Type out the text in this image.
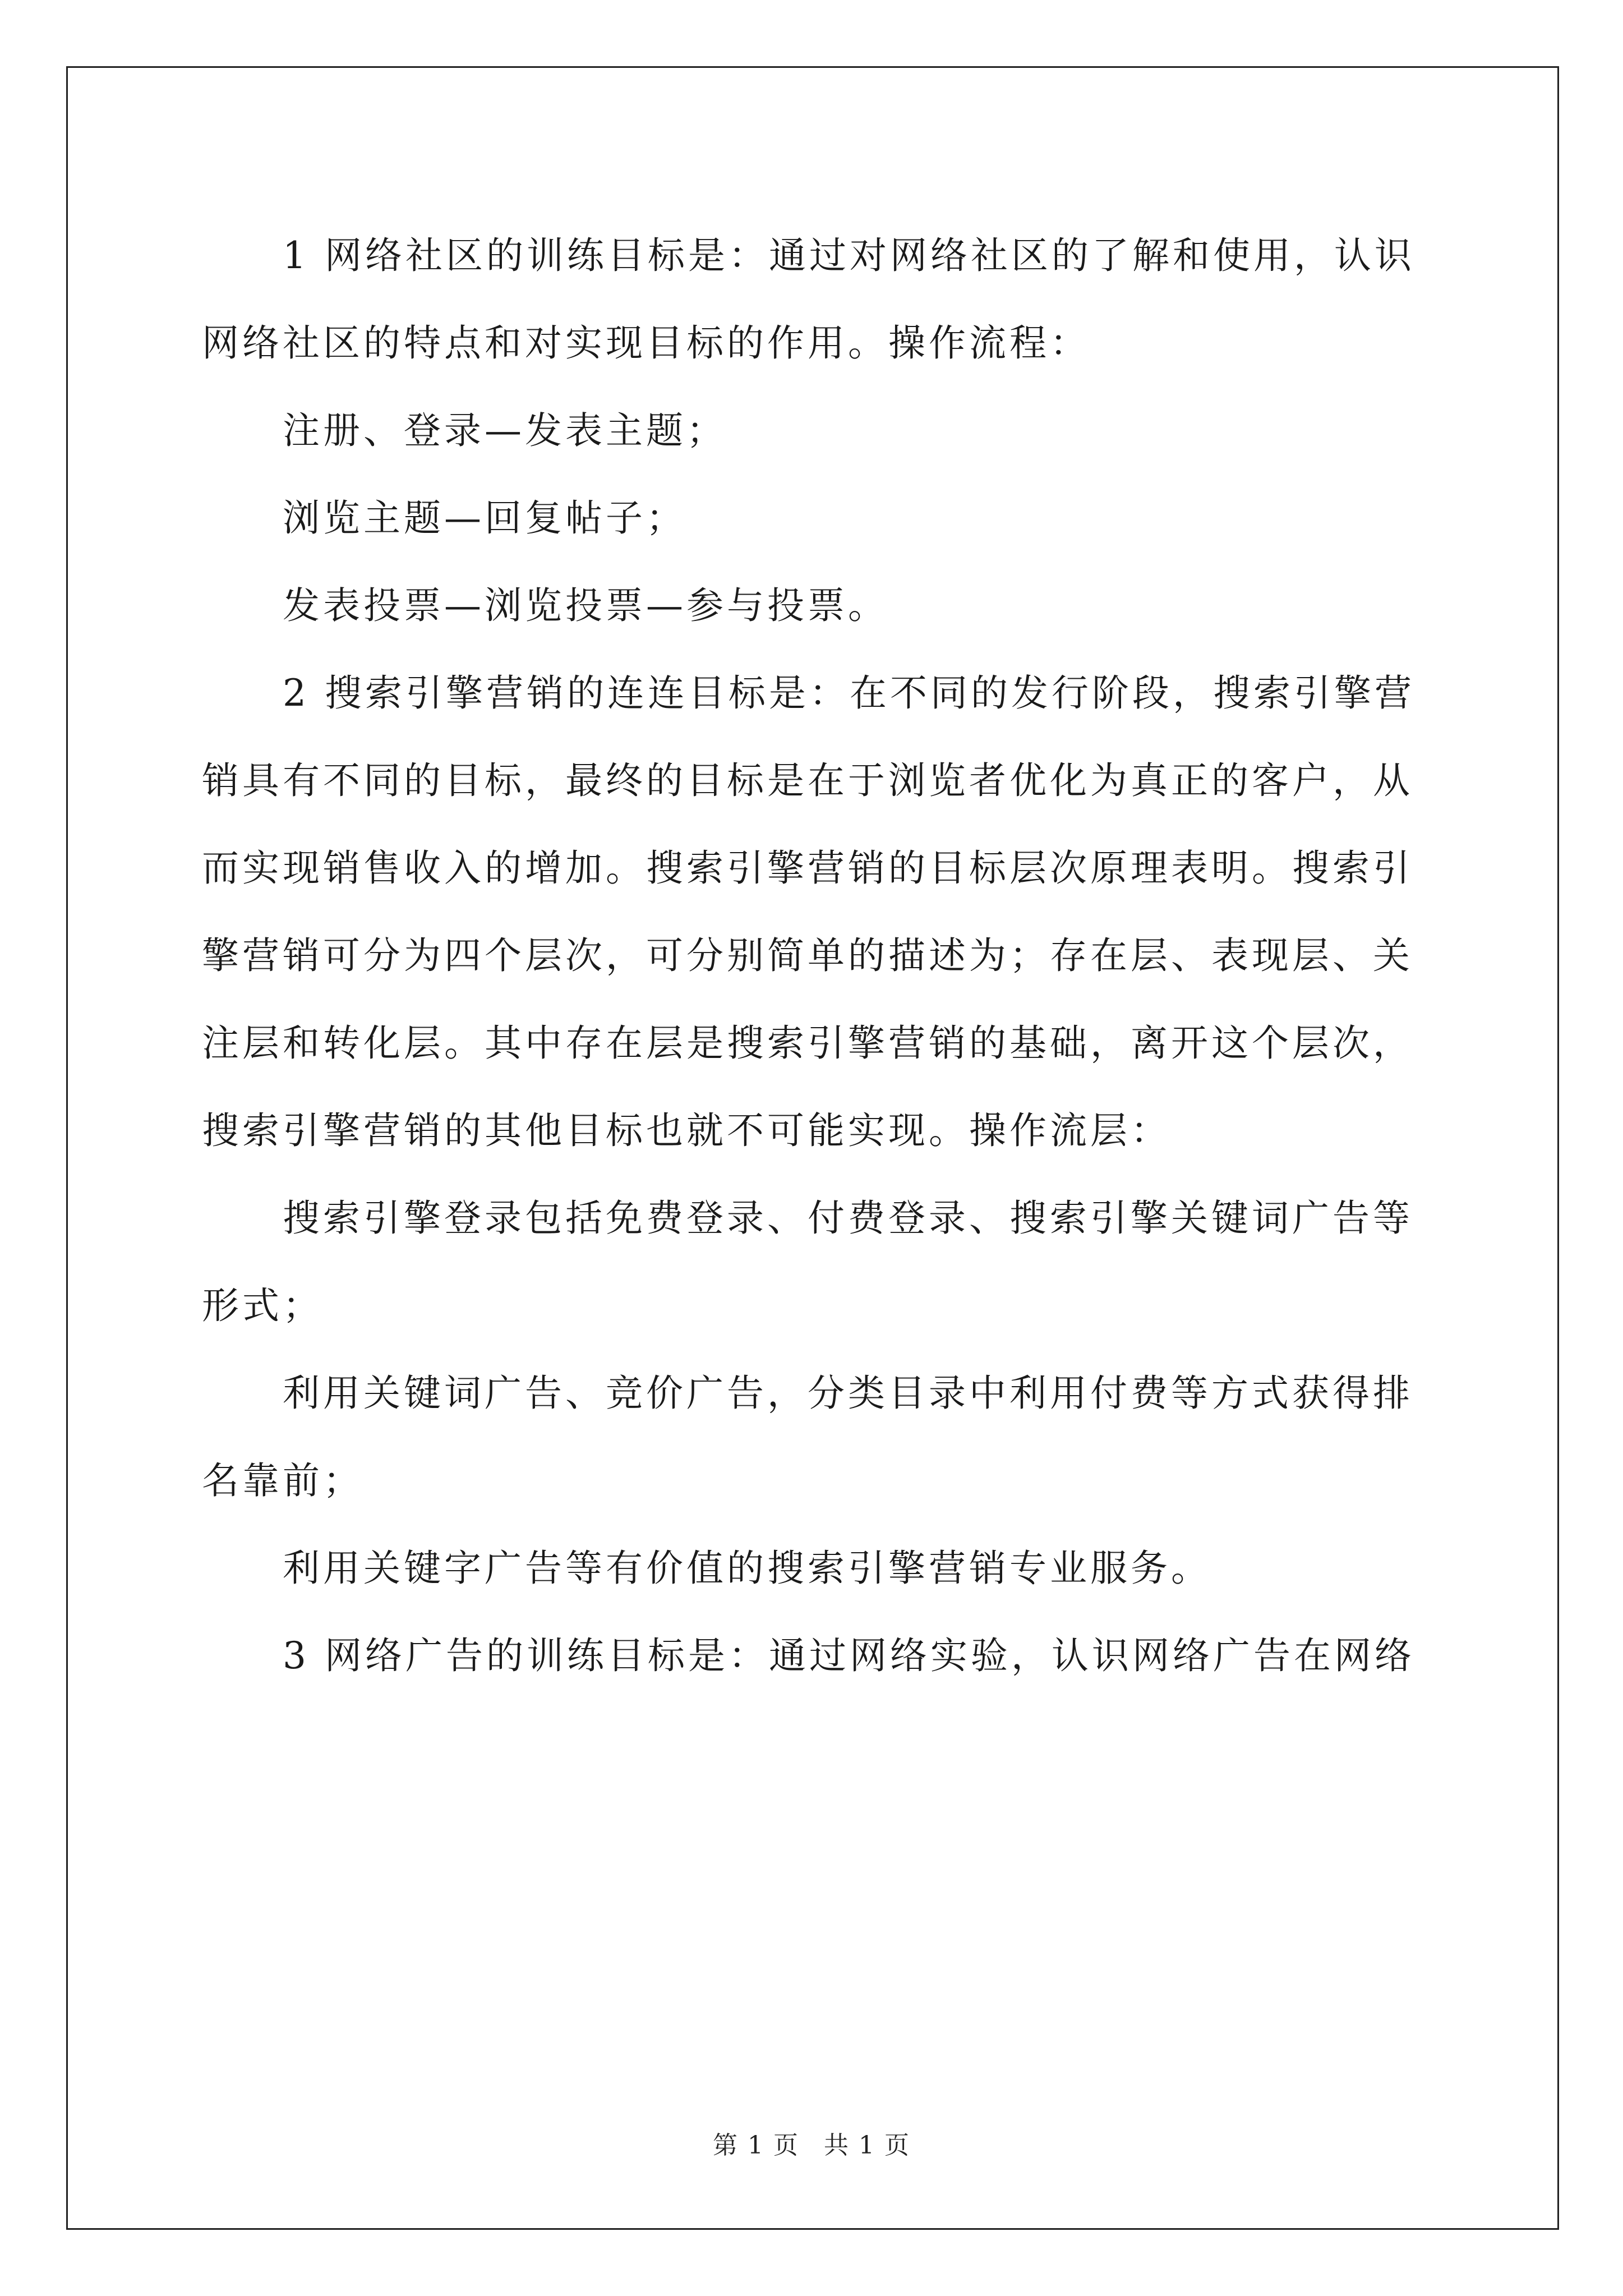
1 网络社区的训练目标是：通过对网络社区的了解和使用，认识
网络社区的特点和对实现目标的作用。操作流程：

注册、登录—发表主题；

浏览主题—回复帖子；

发表投票—浏览投票—参与投票。

2 搜索引擎营销的连连目标是：在不同的发行阶段，搜索引擎营
销具有不同的目标，最终的目标是在于浏览者优化为真正的客户，从
而实现销售收入的增加。搜索引擎营销的目标层次原理表明。搜索引
擎营销可分为四个层次，可分别简单的描述为；存在层、表现层、关
注层和转化层。其中存在层是搜索引擎营销的基础，离开这个层次，
搜索引擎营销的其他目标也就不可能实现。操作流层：

搜索引擎登录包括免费登录、付费登录、搜索引擎关键词广告等
形式；

利用关键词广告、竞价广告，分类目录中利用付费等方式获得排
名靠前；

利用关键字广告等有价值的搜索引擎营销专业服务。

3 网络广告的训练目标是：通过网络实验，认识网络广告在网络

第 1 页 共 1 页
